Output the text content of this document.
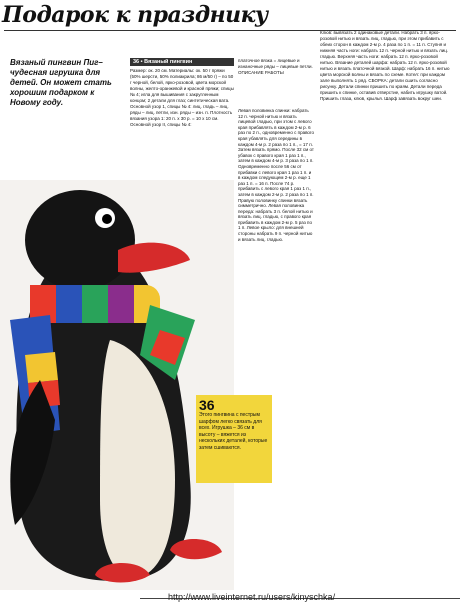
Подарок к празднику
Вязаный пингвин Пиг– чудесная игрушка для детей. Он может стать хорошим подарком к Новому году.
36 • Вязаный пингвин
Размер: ок. 20 см. Материалы: ок. 50 г пряжи (50% шерсти, 50% полиакрила; 86 м/50 г) – по 50 г черной, белой, ярко-розовой, цвета морской волны, желто-оранжевой и красной пряжи; спицы № 4; игла для вышивания с закругленным концом; 2 детали для глаз; синтетическая вата. Основной узор 1, спицы № 4: лиц. гладь – лиц. ряды – лиц. петли, изн. ряды – изн. п. Плотность вязания узора 1: 20 п. х 30 р. = 10 х 10 см. Основной узор II, спицы № 4:
платочное вязка = лицевые и изнаночные ряды – лицевые петли. ОПИСАНИЕ РАБОТЫ
Левая половинка спинки: набрать 12 п. черной нитью и вязать лицевой гладью, при этом с левого края прибавлять в каждом 2-м р. 6 раз по 2 п., одновременно с правого края убавлять для середины в каждом 4-м р. 2 раза по 1 п., = 17 п. Затем вязать прямо. После 32 см от убавок с правого края 1 раз 1 п., затем в каждом 4-м р. 3 раза по 1 п. Одновременно после 56 см от прибавки с левого края 1 раз 1 п. и в каждом следующем 2-м р. еще 1 раз 1 п. = 16 п. После 74 р. прибавить с левого края 1 раз 1 п., затем в каждом 2-м р. 2 раза по 1 п. Правую половинку спинки вязать симметрично. Левая половинка переда: набрать 3 п. белой нитью и вязать лиц. гладью, с правого края прибавить в каждом 2-м р. 5 раз по 1 п. Левое крыло: для внешней стороны набрать 9 п. черной нитью и вязать лиц. гладью.
Клюв: вывязать 2 одинаковые детали. Набрать 3 п. ярко-розовой нитью и вязать лиц. гладью, при этом прибавить с обеих сторон в каждом 2-м р. 4 раза по 1 п. = 11 п. Ступня и нижняя часть ноги: набрать 12 п. черной нитью и вязать лиц. гладью. Верхняя часть ноги: набрать 12 п. ярко-розовой нитью. Вязание деталей шарфа: набрать 12 п. ярко-розовой нитью и вязать платочной вязкой. Шарф: набрать 16 п. нитью цвета морской волны и вязать по схеме. Котел: при каждом зале выполнять 1 ряд. СБОРКА: детали сшить согласно рисунку. Детали спинки пришить по краям. Детали переда пришить к спинке, оставив отверстие, набить игрушку ватой. Пришить глаза, клюв, крылья. Шарф завязать вокруг шеи.
36
Этого пингвина с пестрым шарфом легко связать для всех. Игрушка – 36 см в высоту – вяжется из нескольких деталей, которые затем сшиваются.
http://www.liveinternet.ru/users/kinyschka/
